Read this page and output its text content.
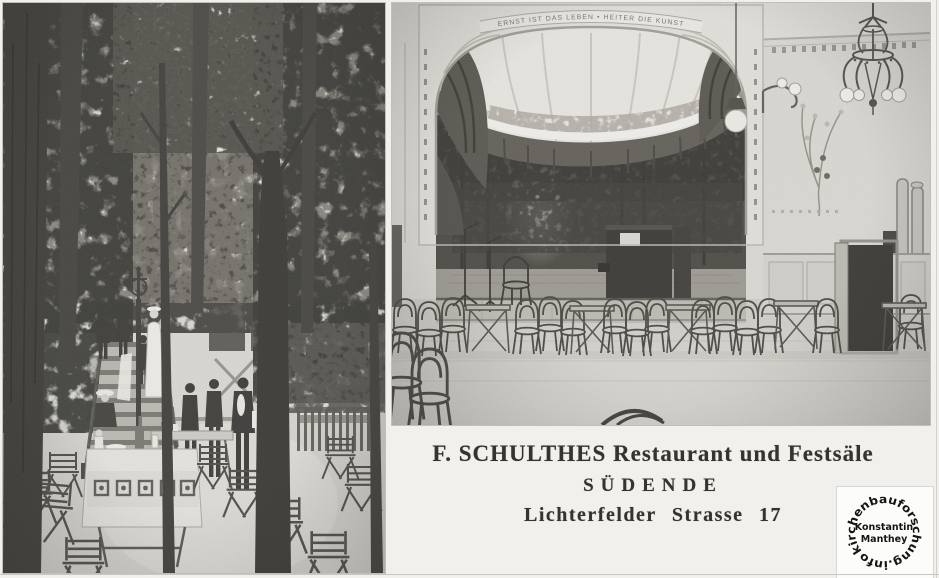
F. SCHULTHES Restaurant und Festsäle
SÜDENDE
Lichterfelder Strasse 17
kirchenbauforschung.info
Konstantin
Manthey
